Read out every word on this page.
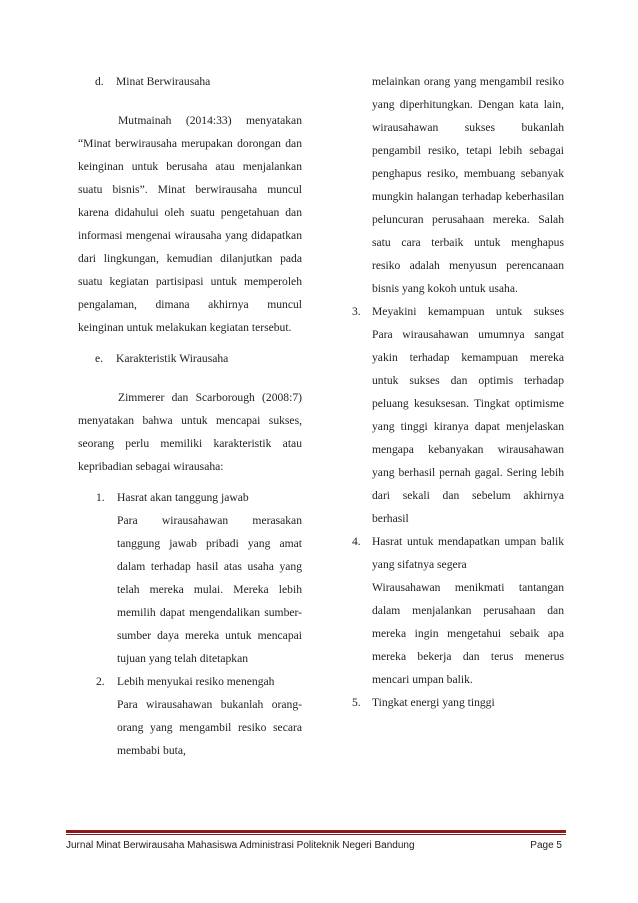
d. Minat Berwirausaha

Mutmainah (2014:33) menyatakan “Minat berwirausaha merupakan dorongan dan keinginan untuk berusaha atau menjalankan suatu bisnis”. Minat berwirausaha muncul karena didahului oleh suatu pengetahuan dan informasi mengenai wirausaha yang didapatkan dari lingkungan, kemudian dilanjutkan pada suatu kegiatan partisipasi untuk memperoleh pengalaman, dimana akhirnya muncul keinginan untuk melakukan kegiatan tersebut.

e. Karakteristik Wirausaha

Zimmerer dan Scarborough (2008:7) menyatakan bahwa untuk mencapai sukses, seorang perlu memiliki karakteristik atau kepribadian sebagai wirausaha:

1. Hasrat akan tanggung jawab

Para wirausahawan merasakan tanggung jawab pribadi yang amat dalam terhadap hasil atas usaha yang telah mereka mulai. Mereka lebih memilih dapat mengendalikan sumber-sumber daya mereka untuk mencapai tujuan yang telah ditetapkan

2. Lebih menyukai resiko menengah

Para wirausahawan bukanlah orang-orang yang mengambil resiko secara membabi buta,

melainkan orang yang mengambil resiko yang diperhitungkan. Dengan kata lain, wirausahawan sukses bukanlah pengambil resiko, tetapi lebih sebagai penghapus resiko, membuang sebanyak mungkin halangan terhadap keberhasilan peluncuran perusahaan mereka. Salah satu cara terbaik untuk menghapus resiko adalah menyusun perencanaan bisnis yang kokoh untuk usaha.

3. Meyakini kemampuan untuk sukses

Para wirausahawan umumnya sangat yakin terhadap kemampuan mereka untuk sukses dan optimis terhadap peluang kesuksesan. Tingkat optimisme yang tinggi kiranya dapat menjelaskan mengapa kebanyakan wirausahawan yang berhasil pernah gagal. Sering lebih dari sekali dan sebelum akhirnya berhasil

4. Hasrat untuk mendapatkan umpan balik yang sifatnya segera

Wirausahawan menikmati tantangan dalam menjalankan perusahaan dan mereka ingin mengetahui sebaik apa mereka bekerja dan terus menerus mencari umpan balik.

5. Tingkat energi yang tinggi
Jurnal Minat Berwirausaha Mahasiswa Administrasi Politeknik Negeri Bandung	Page 5
